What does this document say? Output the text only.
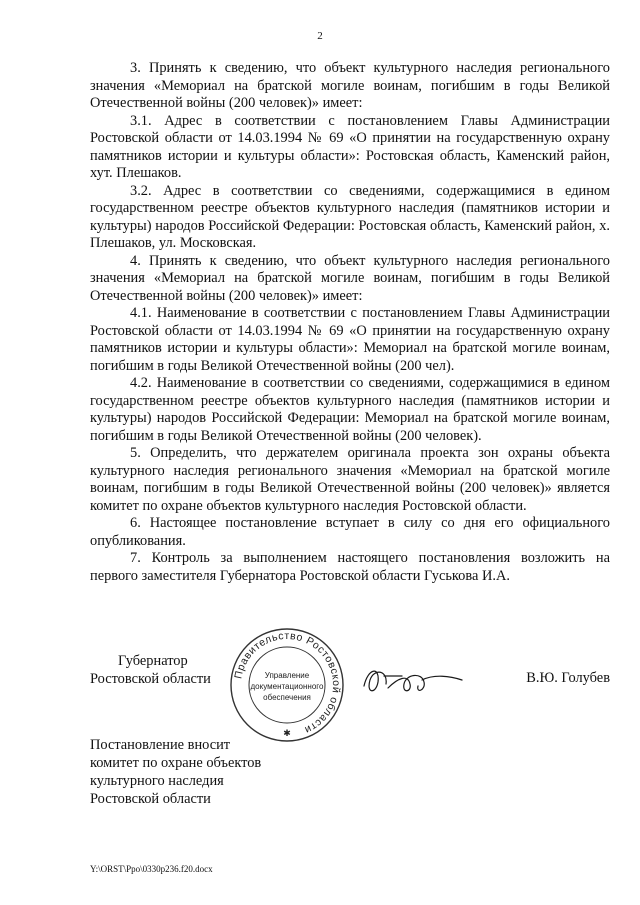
2

3. Принять к сведению, что объект культурного наследия регионального значения «Мемориал на братской могиле воинам, погибшим в годы Великой Отечественной войны (200 человек)» имеет:

3.1. Адрес в соответствии с постановлением Главы Администрации Ростовской области от 14.03.1994 № 69 «О принятии на государственную охрану памятников истории и культуры области»: Ростовская область, Каменский район, хут. Плешаков.

3.2. Адрес в соответствии со сведениями, содержащимися в едином государственном реестре объектов культурного наследия (памятников истории и культуры) народов Российской Федерации: Ростовская область, Каменский район, х. Плешаков, ул. Московская.

4. Принять к сведению, что объект культурного наследия регионального значения «Мемориал на братской могиле воинам, погибшим в годы Великой Отечественной войны (200 человек)» имеет:

4.1. Наименование в соответствии с постановлением Главы Администрации Ростовской области от 14.03.1994 № 69 «О принятии на государственную охрану памятников истории и культуры области»: Мемориал на братской могиле воинам, погибшим в годы Великой Отечественной войны (200 чел).

4.2. Наименование в соответствии со сведениями, содержащимися в едином государственном реестре объектов культурного наследия (памятников истории и культуры) народов Российской Федерации: Мемориал на братской могиле воинам, погибшим в годы Великой Отечественной войны (200 человек).

5. Определить, что держателем оригинала проекта зон охраны объекта культурного наследия регионального значения «Мемориал на братской могиле воинам, погибшим в годы Великой Отечественной войны (200 человек)» является комитет по охране объектов культурного наследия Ростовской области.

6. Настоящее постановление вступает в силу со дня его официального опубликования.

7. Контроль за выполнением настоящего постановления возложить на первого заместителя Губернатора Ростовской области Гуськова И.А.

Губернатор
Ростовской области	В.Ю. Голубев
Правительство Ростовской области
Управление
документационного
обеспечения
✱
Постановление вносит
комитет по охране объектов
культурного наследия
Ростовской области
Y:\ORST\Ppo\0330p236.f20.docx
